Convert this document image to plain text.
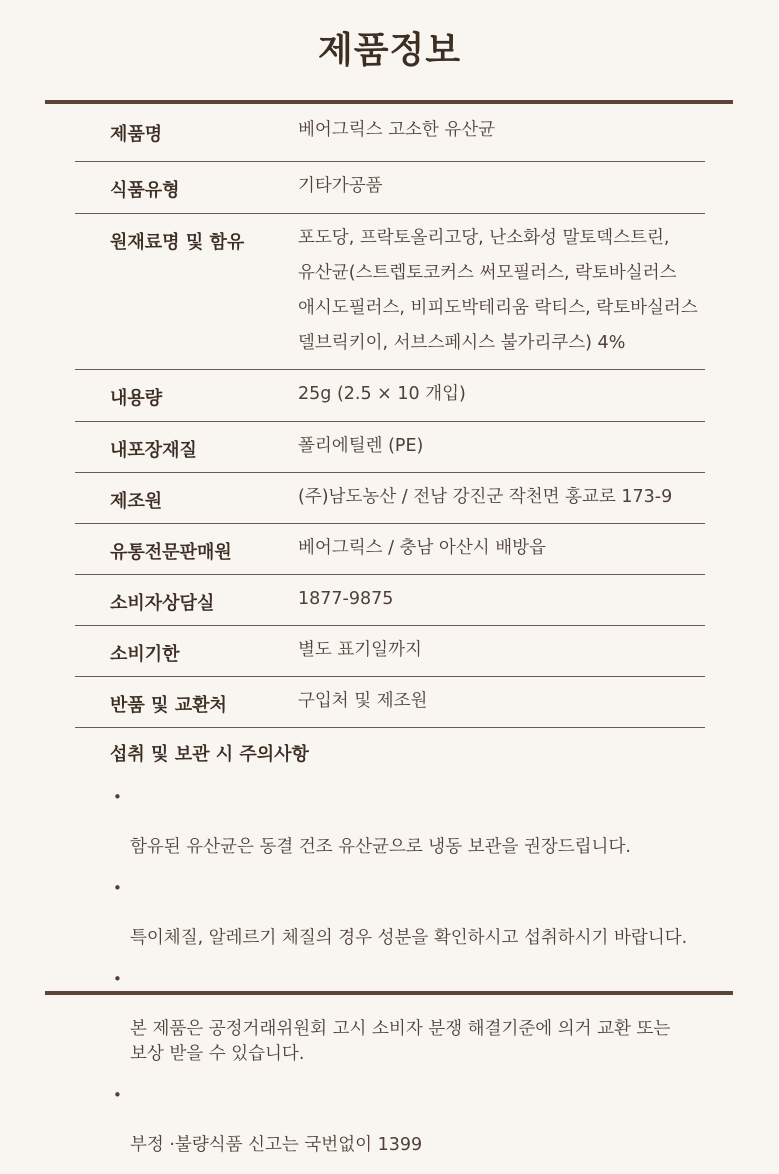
제품정보
제품명	베어그릭스 고소한 유산균
식품유형	기타가공품
원재료명 및 함유	포도당, 프락토올리고당, 난소화성 말토덱스트린,
유산균(스트렙토코커스 써모필러스, 락토바실러스
애시도필러스, 비피도박테리움 락티스, 락토바실러스
델브릭키이, 서브스페시스 불가리쿠스) 4%
내용량	25g (2.5 × 10 개입)
내포장재질	폴리에틸렌 (PE)
제조원	(주)남도농산 / 전남 강진군 작천면 홍교로 173-9
유통전문판매원	베어그릭스 / 충남 아산시 배방읍
소비자상담실	1877-9875
소비기한	별도 표기일까지
반품 및 교환처	구입처 및 제조원
섭취 및 보관 시 주의사항

•

함유된 유산균은 동결 건조 유산균으로 냉동 보관을 권장드립니다.

•

특이체질, 알레르기 체질의 경우 성분을 확인하시고 섭취하시기 바랍니다.

•

본 제품은 공정거래위원회 고시 소비자 분쟁 해결기준에 의거 교환 또는
보상 받을 수 있습니다.

•

부정 ·불량식품 신고는 국번없이 1399
